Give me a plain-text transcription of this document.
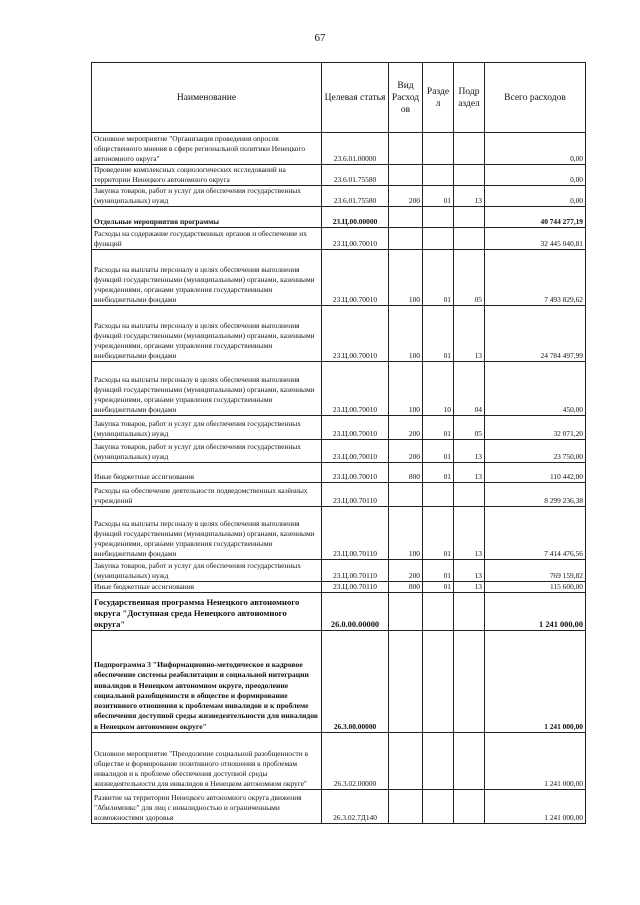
67
Наименование	Целевая статья	Вид Расход ов	Разде л	Подр аздел	Всего расходов
Основное мероприятие "Организация проведения опросов общественного мнения в сфере региональной политики Ненецкого автономного округа"	23.6.01.00000				0,00
Проведение комплексных социологических исследований на территории Ненецкого автономного округа	23.6.01.75580				0,00
Закупка товаров, работ и услуг для обеспечения государственных (муниципальных) нужд	23.6.01.75580	200	01	13	0,00
Отдельные мероприятия программы	23.Ц.00.00000				40 744 277,19
Расходы на содержание государственных органов и обеспечение их функций	23.Ц.00.70010				32 445 040,81
Расходы на выплаты персоналу в целях обеспечения выполнения функций государственными (муниципальными) органами, казенными учреждениями, органами управления государственными внебюджетными фондами	23.Ц.00.70010	100	01	05	7 493 829,62
Расходы на выплаты персоналу в целях обеспечения выполнения функций государственными (муниципальными) органами, казенными учреждениями, органами управления государственными внебюджетными фондами	23.Ц.00.70010	100	01	13	24 784 497,99
Расходы на выплаты персоналу в целях обеспечения выполнения функций государственными (муниципальными) органами, казенными учреждениями, органами управления государственными внебюджетными фондами	23.Ц.00.70010	100	10	04	450,00
Закупка товаров, работ и услуг для обеспечения государственных (муниципальных) нужд	23.Ц.00.70010	200	01	05	32 071,20
Закупка товаров, работ и услуг для обеспечения государственных (муниципальных) нужд	23.Ц.00.70010	200	01	13	23 750,00
Иные бюджетные ассигнования	23.Ц.00.70010	800	01	13	110 442,00
Расходы на обеспечение деятельности подведомственных казённых учреждений	23.Ц.00.70110				8 299 236,38
Расходы на выплаты персоналу в целях обеспечения выполнения функций государственными (муниципальными) органами, казенными учреждениями, органами управления государственными внебюджетными фондами	23.Ц.00.70110	100	01	13	7 414 476,56
Закупка товаров, работ и услуг для обеспечения государственных (муниципальных) нужд	23.Ц.00.70110	200	01	13	769 159,82
Иные бюджетные ассигнования	23.Ц.00.70110	800	01	13	115 600,00
Государственная программа Ненецкого автономного округа "Доступная среда Ненецкого автономного округа"	26.0.00.00000				1 241 000,00
Подпрограмма 3 "Информационно-методическое и кадровое обеспечение системы реабилитации и социальной интеграции инвалидов в Ненецком автономном округе, преодоление социальной разобщенности в обществе и формирование позитивного отношения к проблемам инвалидов и к проблеме обеспечения доступной среды жизнедеятельности для инвалидов в Ненецком автономном округе"	26.3.00.00000				1 241 000,00
Основное мероприятие "Преодоление социальной разобщенности в обществе и формирование позитивного отношения к проблемам инвалидов и к проблеме обеспечения доступной среды жизнедеятельности для инвалидов в Ненецком автономном округе"	26.3.02.00000				1 241 000,00
Развитие на территории Ненецкого автономного округа движения "Абилимпикс" для лиц с инвалидностью и ограниченными возможностями здоровья	26.3.02.7Д140				1 241 000,00
